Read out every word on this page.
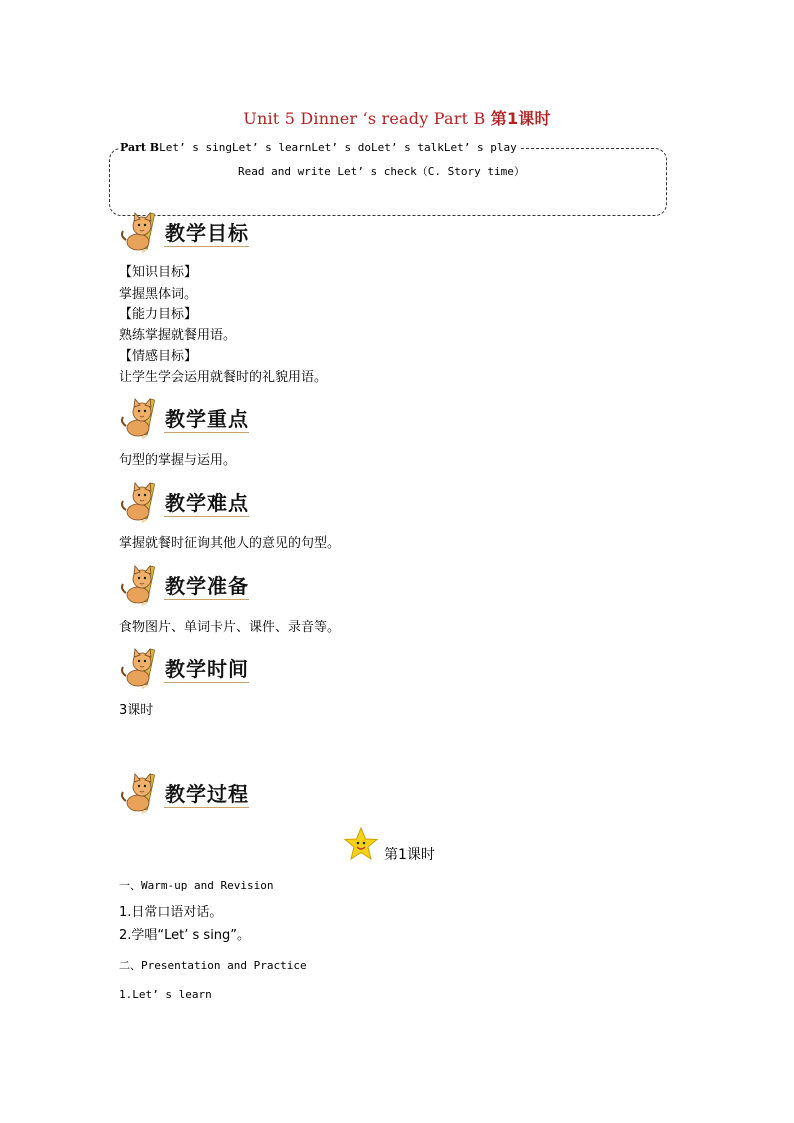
Unit 5 Dinner ‘s ready Part B 第1课时
Part BLet’ s singLet’ s learnLet’ s doLet’ s talkLet’ s play
Read and write Let’ s check（C. Story time）
教学目标
【知识目标】
掌握黑体词。
【能力目标】
熟练掌握就餐用语。
【情感目标】
让学生学会运用就餐时的礼貌用语。
教学重点
句型的掌握与运用。
教学难点
掌握就餐时征询其他人的意见的句型。
教学准备
食物图片、单词卡片、课件、录音等。
教学时间
3课时
教学过程
第1课时
一、Warm-up and Revision
1.日常口语对话。
2.学唱“Let’ s sing”。
二、Presentation and Practice
1.Let’ s learn
